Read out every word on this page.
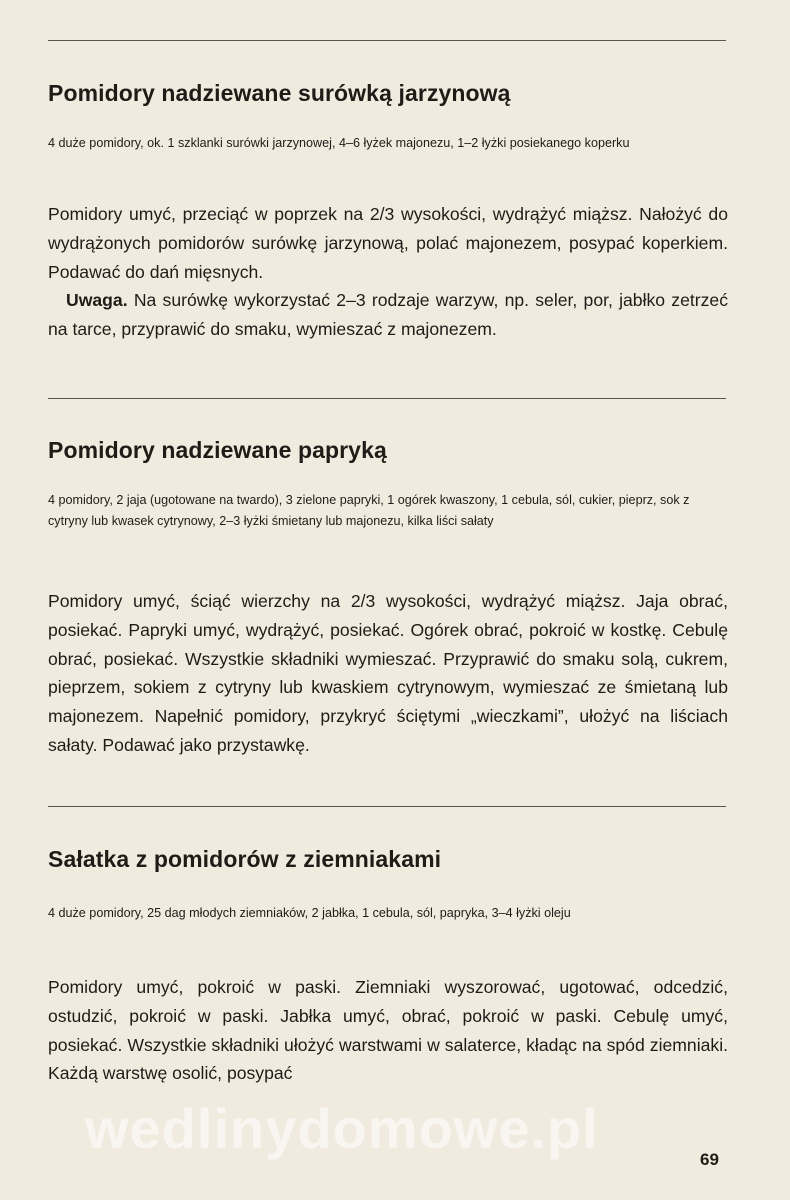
Pomidory nadziewane surówką jarzynową

4 duże pomidory, ok. 1 szklanki surówki jarzynowej, 4–6 łyżek majonezu, 1–2 łyżki posiekanego koperku

Pomidory umyć, przeciąć w poprzek na 2/3 wysokości, wydrążyć miąższ. Nałożyć do wydrążonych pomidorów surówkę jarzynową, polać majonezem, posypać koperkiem. Podawać do dań mięsnych.

Uwaga. Na surówkę wykorzystać 2–3 rodzaje warzyw, np. seler, por, jabłko zetrzeć na tarce, przyprawić do smaku, wymieszać z majonezem.

Pomidory nadziewane papryką

4 pomidory, 2 jaja (ugotowane na twardo), 3 zielone papryki, 1 ogórek kwaszony, 1 cebula, sól, cukier, pieprz, sok z cytryny lub kwasek cytrynowy, 2–3 łyżki śmietany lub majonezu, kilka liści sałaty

Pomidory umyć, ściąć wierzchy na 2/3 wysokości, wydrążyć miąższ. Jaja obrać, posiekać. Papryki umyć, wydrążyć, posiekać. Ogórek obrać, pokroić w kostkę. Cebulę obrać, posiekać. Wszystkie składniki wymieszać. Przyprawić do smaku solą, cukrem, pieprzem, sokiem z cytryny lub kwaskiem cytrynowym, wymieszać ze śmietaną lub majonezem. Napełnić pomidory, przykryć ściętymi „wieczkami”, ułożyć na liściach sałaty. Podawać jako przystawkę.

Sałatka z pomidorów z ziemniakami

4 duże pomidory, 25 dag młodych ziemniaków, 2 jabłka, 1 cebula, sól, papryka, 3–4 łyżki oleju

Pomidory umyć, pokroić w paski. Ziemniaki wyszorować, ugotować, odcedzić, ostudzić, pokroić w paski. Jabłka umyć, obrać, pokroić w paski. Cebulę umyć, posiekać. Wszystkie składniki ułożyć warstwami w salaterce, kładąc na spód ziemniaki. Każdą warstwę osolić, posypać

wedlinydomowe.pl	69
